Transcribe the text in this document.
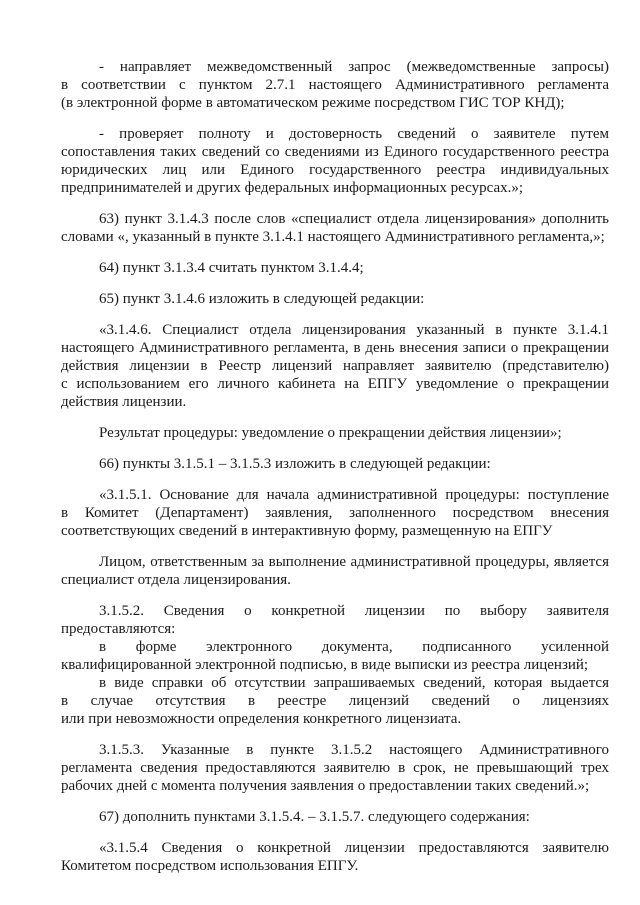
- направляет межведомственный запрос (межведомственные запросы)
в соответствии с пунктом 2.7.1 настоящего Административного регламента
(в электронной форме в автоматическом режиме посредством ГИС ТОР КНД);
- проверяет полноту и достоверность сведений о заявителе путем
сопоставления таких сведений со сведениями из Единого государственного реестра
юридических лиц или Единого государственного реестра индивидуальных
предпринимателей и других федеральных информационных ресурсах.»;
63) пункт 3.1.4.3 после слов «специалист отдела лицензирования» дополнить
словами «, указанный в пункте 3.1.4.1 настоящего Административного регламента,»;
64) пункт 3.1.3.4 считать пунктом 3.1.4.4;
65) пункт 3.1.4.6 изложить в следующей редакции:
«3.1.4.6. Специалист отдела лицензирования указанный в пункте 3.1.4.1
настоящего Административного регламента, в день внесения записи о прекращении
действия лицензии в Реестр лицензий направляет заявителю (представителю)
с использованием его личного кабинета на ЕПГУ уведомление о прекращении
действия лицензии.
Результат процедуры: уведомление о прекращении действия лицензии»;
66) пункты 3.1.5.1 – 3.1.5.3 изложить в следующей редакции:
«3.1.5.1. Основание для начала административной процедуры: поступление
в Комитет (Департамент) заявления, заполненного посредством внесения
соответствующих сведений в интерактивную форму, размещенную на ЕПГУ
Лицом, ответственным за выполнение административной процедуры, является
специалист отдела лицензирования.
3.1.5.2. Сведения о конкретной лицензии по выбору заявителя
предоставляются:
в форме электронного документа, подписанного усиленной
квалифицированной электронной подписью, в виде выписки из реестра лицензий;
в виде справки об отсутствии запрашиваемых сведений, которая выдается
в случае отсутствия в реестре лицензий сведений о лицензиях
или при невозможности определения конкретного лицензиата.
3.1.5.3. Указанные в пункте 3.1.5.2 настоящего Административного
регламента сведения предоставляются заявителю в срок, не превышающий трех
рабочих дней с момента получения заявления о предоставлении таких сведений.»;
67) дополнить пунктами 3.1.5.4. – 3.1.5.7. следующего содержания:
«3.1.5.4 Сведения о конкретной лицензии предоставляются заявителю
Комитетом посредством использования ЕПГУ.
